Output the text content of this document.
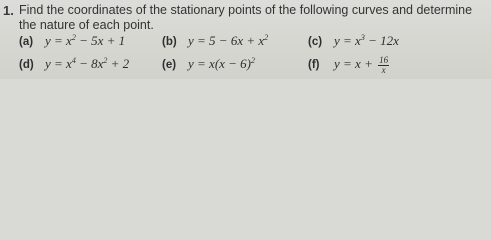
1. Find the coordinates of the stationary points of the following curves and determine
the nature of each point.
(a) $y = x^2 - 5x + 1$	(b) $y = 5 - 6x + x^2$	(c) $y = x^3 - 12x$
(d) $y = x^4 - 8x^2 + 2$	(e) $y = x(x - 6)^2$	(f) $y = x + \frac{16}{x}$
